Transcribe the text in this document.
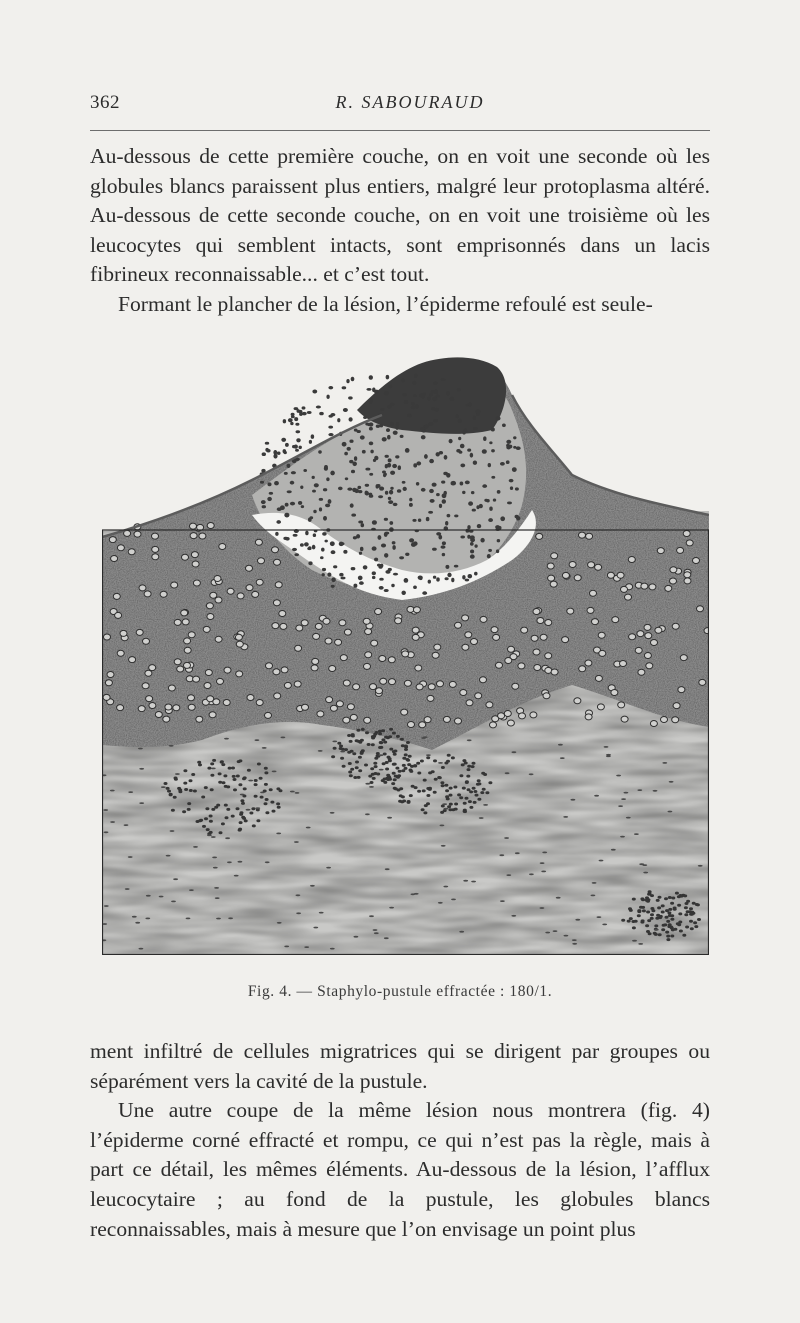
362	R. SABOURAUD

Au-dessous de cette première couche, on en voit une seconde où les globules blancs paraissent plus entiers, malgré leur protoplasma altéré. Au-dessous de cette seconde couche, on en voit une troisième où les leucocytes qui semblent intacts, sont emprisonnés dans un lacis fibrineux reconnaissable... et c’est tout.

Formant le plancher de la lésion, l’épiderme refoulé est seule-

Fig. 4. — Staphylo-pustule effractée : 180/1.

ment infiltré de cellules migratrices qui se dirigent par groupes ou séparément vers la cavité de la pustule.

Une autre coupe de la même lésion nous montrera (fig. 4) l’épiderme corné effracté et rompu, ce qui n’est pas la règle, mais à part ce détail, les mêmes éléments. Au-dessous de la lésion, l’afflux leucocytaire ; au fond de la pustule, les globules blancs reconnaissables, mais à mesure que l’on envisage un point plus
